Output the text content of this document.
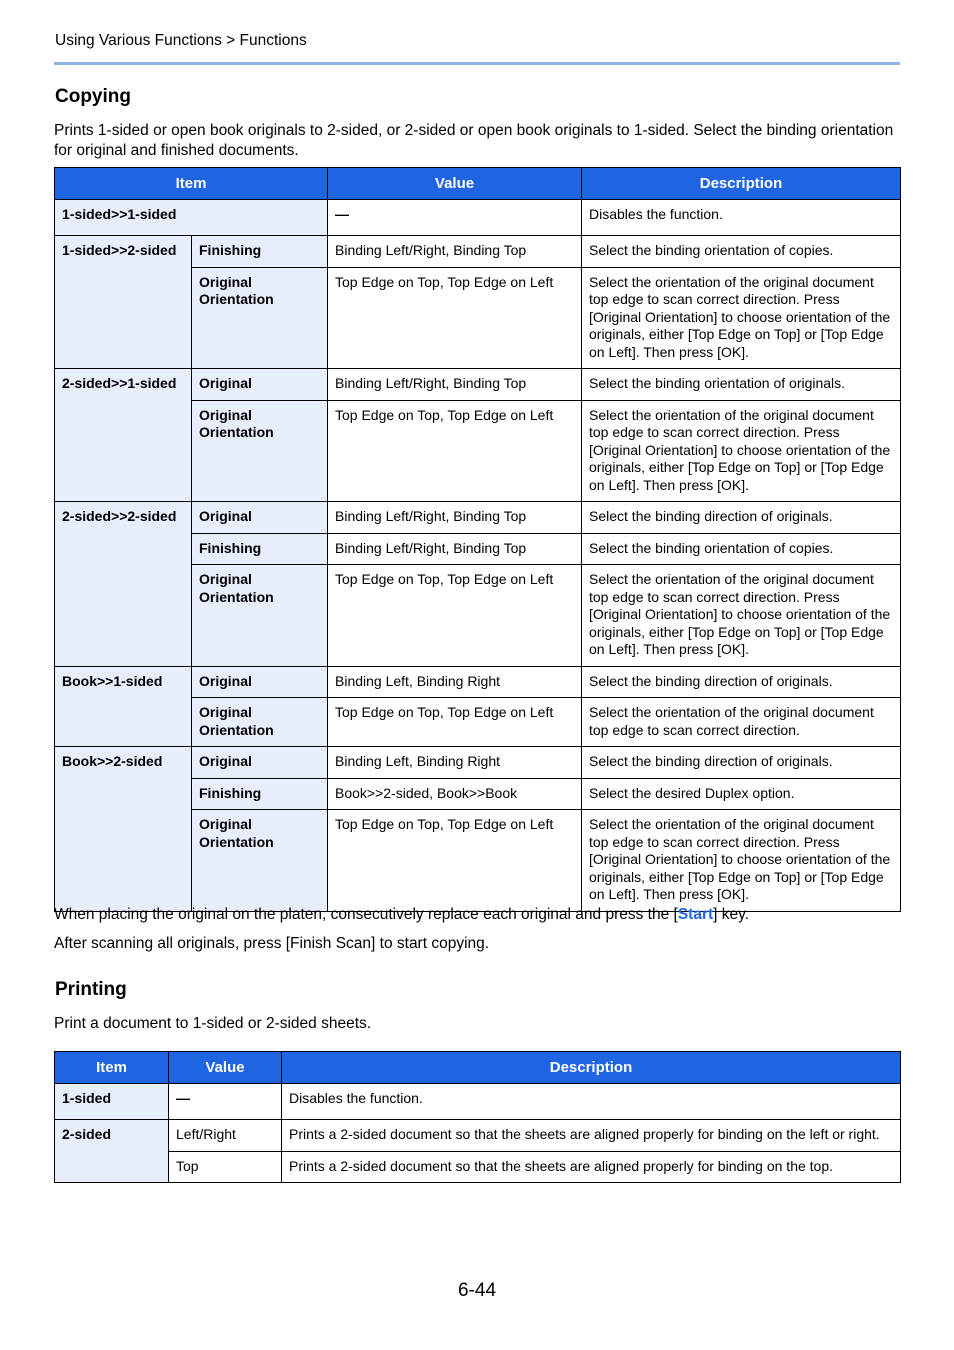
Using Various Functions > Functions
Copying

Prints 1-sided or open book originals to 2-sided, or 2-sided or open book originals to 1-sided. Select the binding orientation for original and finished documents.

Item		Value	Description
1-sided>>1-sided		—	Disables the function.
1-sided>>2-sided	Finishing	Binding Left/Right, Binding Top	Select the binding orientation of copies.
	Original Orientation	Top Edge on Top, Top Edge on Left	Select the orientation of the original document top edge to scan correct direction. Press [Original Orientation] to choose orientation of the originals, either [Top Edge on Top] or [Top Edge on Left]. Then press [OK].
2-sided>>1-sided	Original	Binding Left/Right, Binding Top	Select the binding orientation of originals.
	Original Orientation	Top Edge on Top, Top Edge on Left	Select the orientation of the original document top edge to scan correct direction. Press [Original Orientation] to choose orientation of the originals, either [Top Edge on Top] or [Top Edge on Left]. Then press [OK].
2-sided>>2-sided	Original	Binding Left/Right, Binding Top	Select the binding direction of originals.
	Finishing	Binding Left/Right, Binding Top	Select the binding orientation of copies.
	Original Orientation	Top Edge on Top, Top Edge on Left	Select the orientation of the original document top edge to scan correct direction. Press [Original Orientation] to choose orientation of the originals, either [Top Edge on Top] or [Top Edge on Left]. Then press [OK].
Book>>1-sided	Original	Binding Left, Binding Right	Select the binding direction of originals.
	Original Orientation	Top Edge on Top, Top Edge on Left	Select the orientation of the original document top edge to scan correct direction.
Book>>2-sided	Original	Binding Left, Binding Right	Select the binding direction of originals.
	Finishing	Book>>2-sided, Book>>Book	Select the desired Duplex option.
	Original Orientation	Top Edge on Top, Top Edge on Left	Select the orientation of the original document top edge to scan correct direction. Press [Original Orientation] to choose orientation of the originals, either [Top Edge on Top] or [Top Edge on Left]. Then press [OK].

When placing the original on the platen, consecutively replace each original and press the [Start] key.

After scanning all originals, press [Finish Scan] to start copying.

Printing

Print a document to 1-sided or 2-sided sheets.

Item	Value	Description
1-sided	—	Disables the function.
2-sided	Left/Right	Prints a 2-sided document so that the sheets are aligned properly for binding on the left or right.
	Top	Prints a 2-sided document so that the sheets are aligned properly for binding on the top.
6-44
